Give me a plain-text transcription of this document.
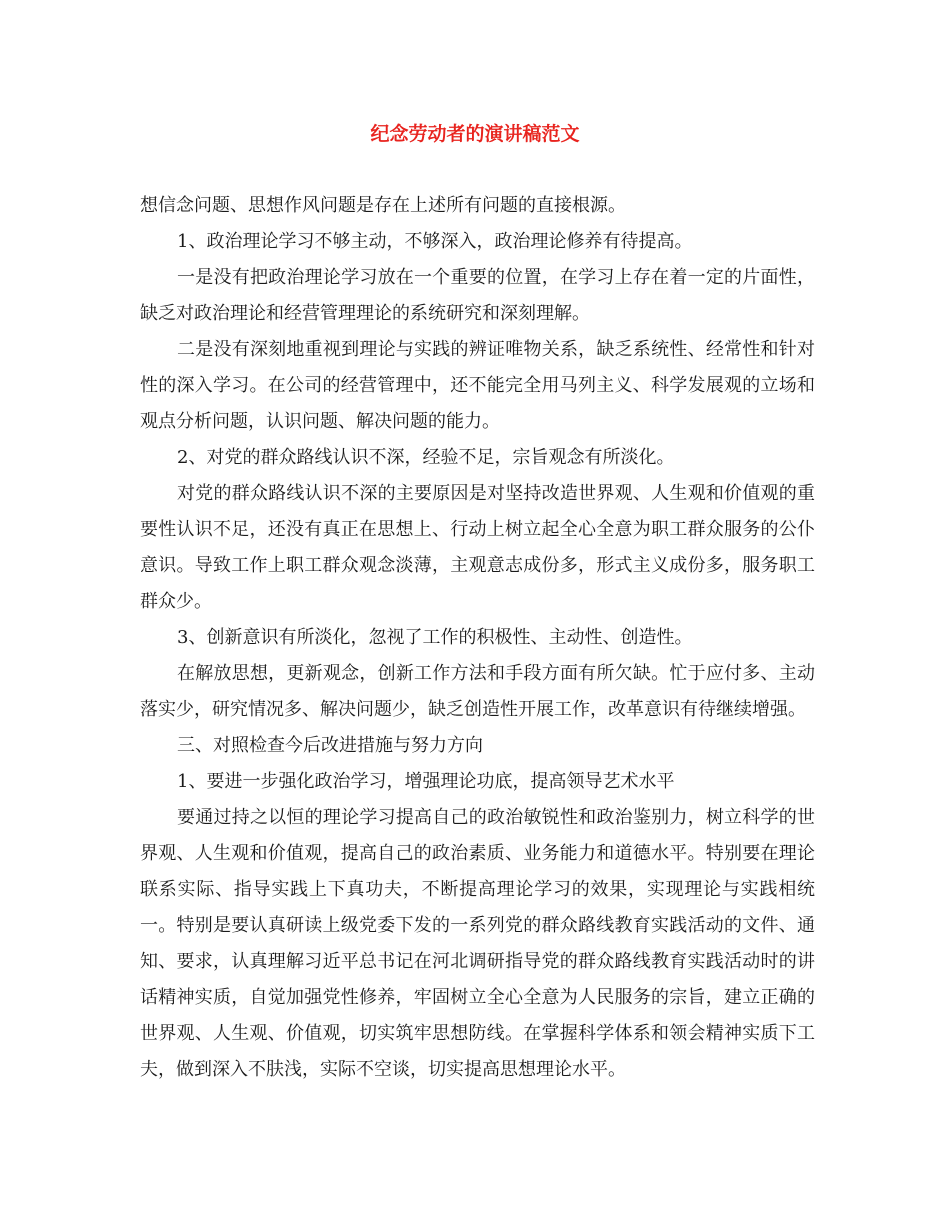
纪念劳动者的演讲稿范文

想信念问题、思想作风问题是存在上述所有问题的直接根源。

1、政治理论学习不够主动，不够深入，政治理论修养有待提高。

一是没有把政治理论学习放在一个重要的位置，在学习上存在着一定的片面性，缺乏对政治理论和经营管理理论的系统研究和深刻理解。

二是没有深刻地重视到理论与实践的辨证唯物关系，缺乏系统性、经常性和针对性的深入学习。在公司的经营管理中，还不能完全用马列主义、科学发展观的立场和观点分析问题，认识问题、解决问题的能力。

2、对党的群众路线认识不深，经验不足，宗旨观念有所淡化。

对党的群众路线认识不深的主要原因是对坚持改造世界观、人生观和价值观的重要性认识不足，还没有真正在思想上、行动上树立起全心全意为职工群众服务的公仆意识。导致工作上职工群众观念淡薄，主观意志成份多，形式主义成份多，服务职工群众少。

3、创新意识有所淡化，忽视了工作的积极性、主动性、创造性。

在解放思想，更新观念，创新工作方法和手段方面有所欠缺。忙于应付多、主动落实少，研究情况多、解决问题少，缺乏创造性开展工作，改革意识有待继续增强。

三、对照检查今后改进措施与努力方向

1、要进一步强化政治学习，增强理论功底，提高领导艺术水平

要通过持之以恒的理论学习提高自己的政治敏锐性和政治鉴别力，树立科学的世界观、人生观和价值观，提高自己的政治素质、业务能力和道德水平。特别要在理论联系实际、指导实践上下真功夫，不断提高理论学习的效果，实现理论与实践相统一。特别是要认真研读上级党委下发的一系列党的群众路线教育实践活动的文件、通知、要求，认真理解习近平总书记在河北调研指导党的群众路线教育实践活动时的讲话精神实质，自觉加强党性修养，牢固树立全心全意为人民服务的宗旨，建立正确的世界观、人生观、价值观，切实筑牢思想防线。在掌握科学体系和领会精神实质下工夫，做到深入不肤浅，实际不空谈，切实提高思想理论水平。
